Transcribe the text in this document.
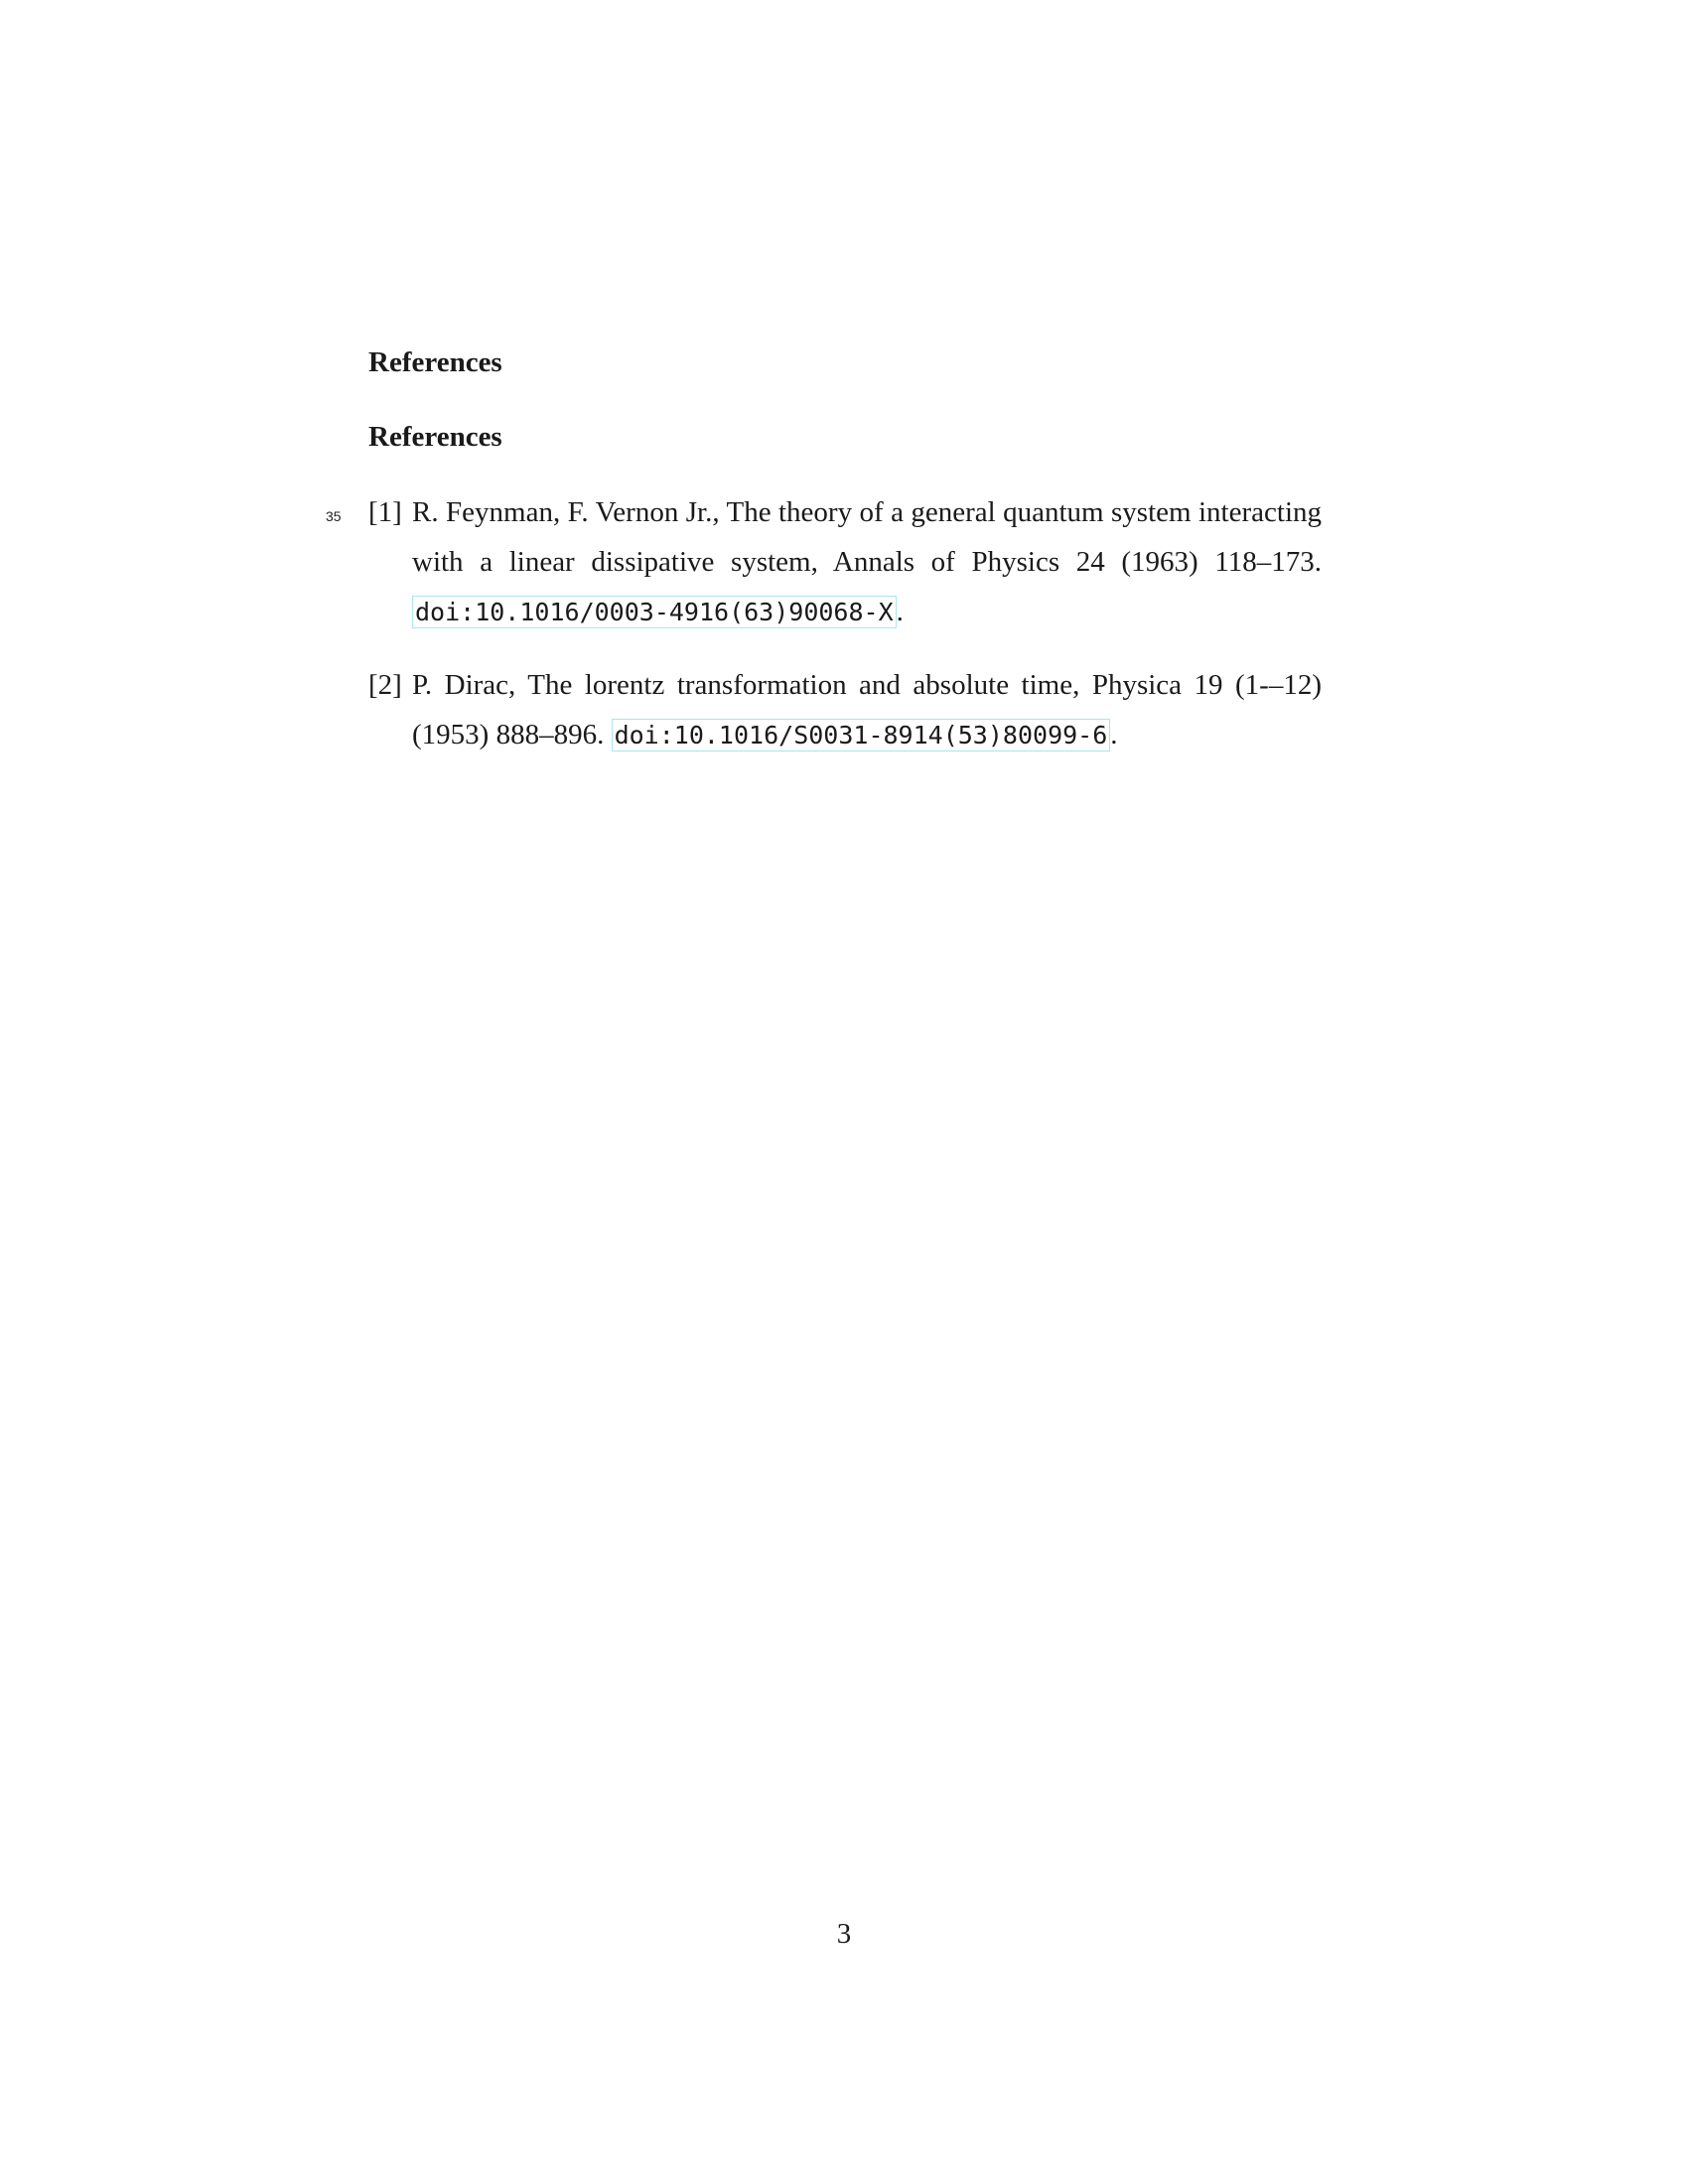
References
References
35 [1] R. Feynman, F. Vernon Jr., The theory of a general quantum system interacting with a linear dissipative system, Annals of Physics 24 (1963) 118–173. doi:10.1016/0003-4916(63)90068-X .
[2] P. Dirac, The lorentz transformation and absolute time, Physica 19 (1-–12) (1953) 888–896. doi:10.1016/S0031-8914(53)80099-6 .
3
